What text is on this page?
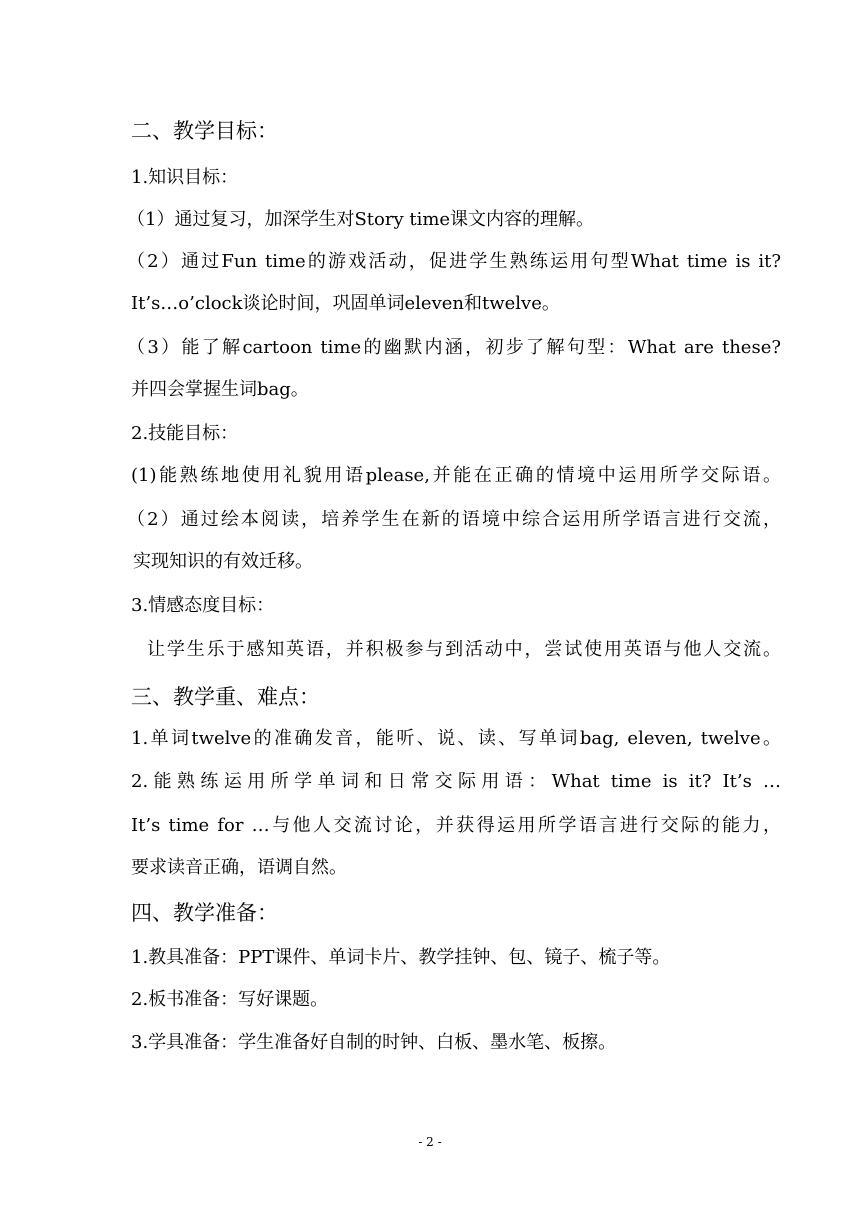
二、教学目标：
1.知识目标：
（1）通过复习，加深学生对Story time课文内容的理解。
（2）通过Fun time的游戏活动，促进学生熟练运用句型What time is it?
It’s…o’clock谈论时间，巩固单词eleven和twelve。
（3）能了解cartoon time的幽默内涵，初步了解句型：What are these?
并四会掌握生词bag。
2.技能目标：
(1)能熟练地使用礼貌用语please,并能在正确的情境中运用所学交际语。
（2）通过绘本阅读，培养学生在新的语境中综合运用所学语言进行交流，
实现知识的有效迁移。
3.情感态度目标：
让学生乐于感知英语，并积极参与到活动中，尝试使用英语与他人交流。
三、教学重、难点：
1.单词twelve的准确发音，能听、说、读、写单词bag, eleven, twelve。
2.能熟练运用所学单词和日常交际用语：What time is it? It’s …
It’s time for …与他人交流讨论，并获得运用所学语言进行交际的能力，
要求读音正确，语调自然。
四、教学准备：
1.教具准备：PPT课件、单词卡片、教学挂钟、包、镜子、梳子等。
2.板书准备：写好课题。
3.学具准备：学生准备好自制的时钟、白板、墨水笔、板擦。
- 2 -
